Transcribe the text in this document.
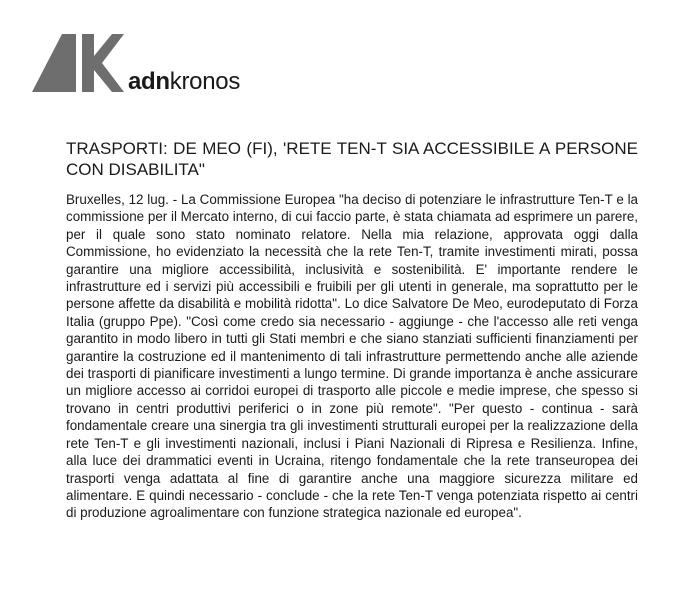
adnkronos
TRASPORTI: DE MEO (FI), 'RETE TEN-T SIA ACCESSIBILE A PERSONE CON DISABILITA"

Bruxelles, 12 lug. - La Commissione Europea "ha deciso di potenziare le infrastrutture Ten-T e la commissione per il Mercato interno, di cui faccio parte, è stata chiamata ad esprimere un parere, per il quale sono stato nominato relatore. Nella mia relazione, approvata oggi dalla Commissione, ho evidenziato la necessità che la rete Ten-T, tramite investimenti mirati, possa garantire una migliore accessibilità, inclusività e sostenibilità. E' importante rendere le infrastrutture ed i servizi più accessibili e fruibili per gli utenti in generale, ma soprattutto per le persone affette da disabilità e mobilità ridotta". Lo dice Salvatore De Meo, eurodeputato di Forza Italia (gruppo Ppe). "Così come credo sia necessario - aggiunge - che l'accesso alle reti venga garantito in modo libero in tutti gli Stati membri e che siano stanziati sufficienti finanziamenti per garantire la costruzione ed il mantenimento di tali infrastrutture permettendo anche alle aziende dei trasporti di pianificare investimenti a lungo termine. Di grande importanza è anche assicurare un migliore accesso ai corridoi europei di trasporto alle piccole e medie imprese, che spesso si trovano in centri produttivi periferici o in zone più remote". "Per questo - continua - sarà fondamentale creare una sinergia tra gli investimenti strutturali europei per la realizzazione della rete Ten-T e gli investimenti nazionali, inclusi i Piani Nazionali di Ripresa e Resilienza. Infine, alla luce dei drammatici eventi in Ucraina, ritengo fondamentale che la rete transeuropea dei trasporti venga adattata al fine di garantire anche una maggiore sicurezza militare ed alimentare. E quindi necessario - conclude - che la rete Ten-T venga potenziata rispetto ai centri di produzione agroalimentare con funzione strategica nazionale ed europea".
